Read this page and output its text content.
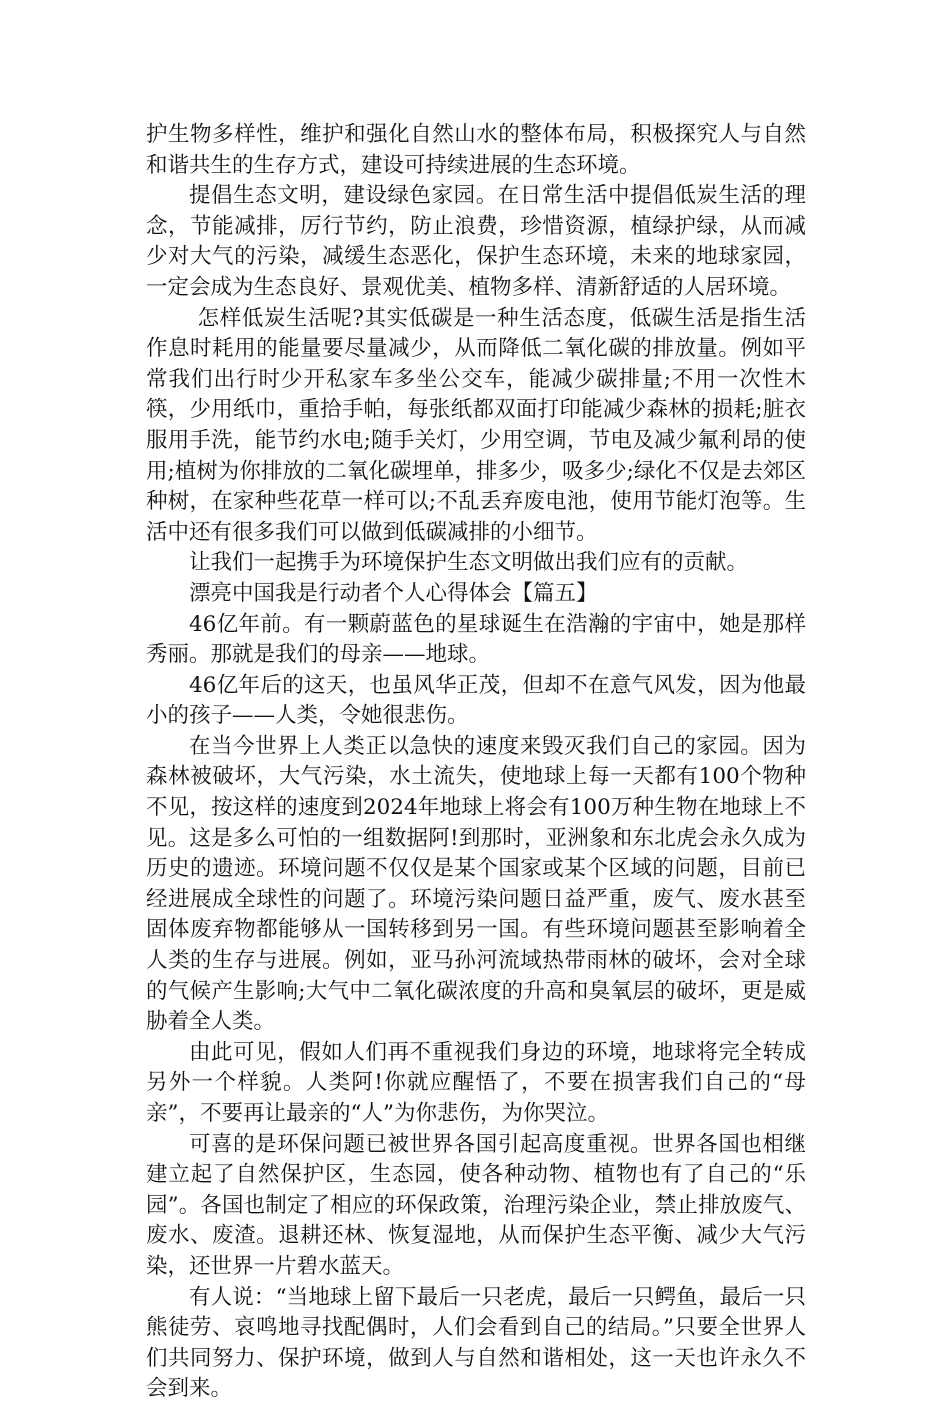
护生物多样性，维护和强化自然山水的整体布局，积极探究人与自然和谐共生的生存方式，建设可持续进展的生态环境。

提倡生态文明，建设绿色家园。在日常生活中提倡低炭生活的理念，节能减排，厉行节约，防止浪费，珍惜资源，植绿护绿，从而减少对大气的污染，减缓生态恶化，保护生态环境，未来的地球家园，一定会成为生态良好、景观优美、植物多样、清新舒适的人居环境。

怎样低炭生活呢?其实低碳是一种生活态度，低碳生活是指生活作息时耗用的能量要尽量减少，从而降低二氧化碳的排放量。例如平常我们出行时少开私家车多坐公交车，能减少碳排量;不用一次性木筷，少用纸巾，重拾手帕，每张纸都双面打印能减少森林的损耗;脏衣服用手洗，能节约水电;随手关灯，少用空调，节电及减少氟利昂的使用;植树为你排放的二氧化碳埋单，排多少，吸多少;绿化不仅是去郊区种树，在家种些花草一样可以;不乱丢弃废电池，使用节能灯泡等。生活中还有很多我们可以做到低碳减排的小细节。

让我们一起携手为环境保护生态文明做出我们应有的贡献。

漂亮中国我是行动者个人心得体会【篇五】

46亿年前。有一颗蔚蓝色的星球诞生在浩瀚的宇宙中，她是那样秀丽。那就是我们的母亲——地球。

46亿年后的这天，也虽风华正茂，但却不在意气风发，因为他最小的孩子——人类，令她很悲伤。

在当今世界上人类正以急快的速度来毁灭我们自己的家园。因为森林被破坏，大气污染，水土流失，使地球上每一天都有100个物种不见，按这样的速度到2024年地球上将会有100万种生物在地球上不见。这是多么可怕的一组数据阿!到那时，亚洲象和东北虎会永久成为历史的遗迹。环境问题不仅仅是某个国家或某个区域的问题，目前已经进展成全球性的问题了。环境污染问题日益严重，废气、废水甚至固体废弃物都能够从一国转移到另一国。有些环境问题甚至影响着全人类的生存与进展。例如，亚马孙河流域热带雨林的破坏，会对全球的气候产生影响;大气中二氧化碳浓度的升高和臭氧层的破坏，更是威胁着全人类。

由此可见，假如人们再不重视我们身边的环境，地球将完全转成另外一个样貌。人类阿!你就应醒悟了，不要在损害我们自己的“母亲”，不要再让最亲的“人”为你悲伤，为你哭泣。

可喜的是环保问题已被世界各国引起高度重视。世界各国也相继建立起了自然保护区，生态园，使各种动物、植物也有了自己的“乐园”。各国也制定了相应的环保政策，治理污染企业，禁止排放废气、废水、废渣。退耕还林、恢复湿地，从而保护生态平衡、减少大气污染，还世界一片碧水蓝天。

有人说：“当地球上留下最后一只老虎，最后一只鳄鱼，最后一只熊徒劳、哀鸣地寻找配偶时，人们会看到自己的结局。”只要全世界人们共同努力、保护环境，做到人与自然和谐相处，这一天也许永久不会到来。
